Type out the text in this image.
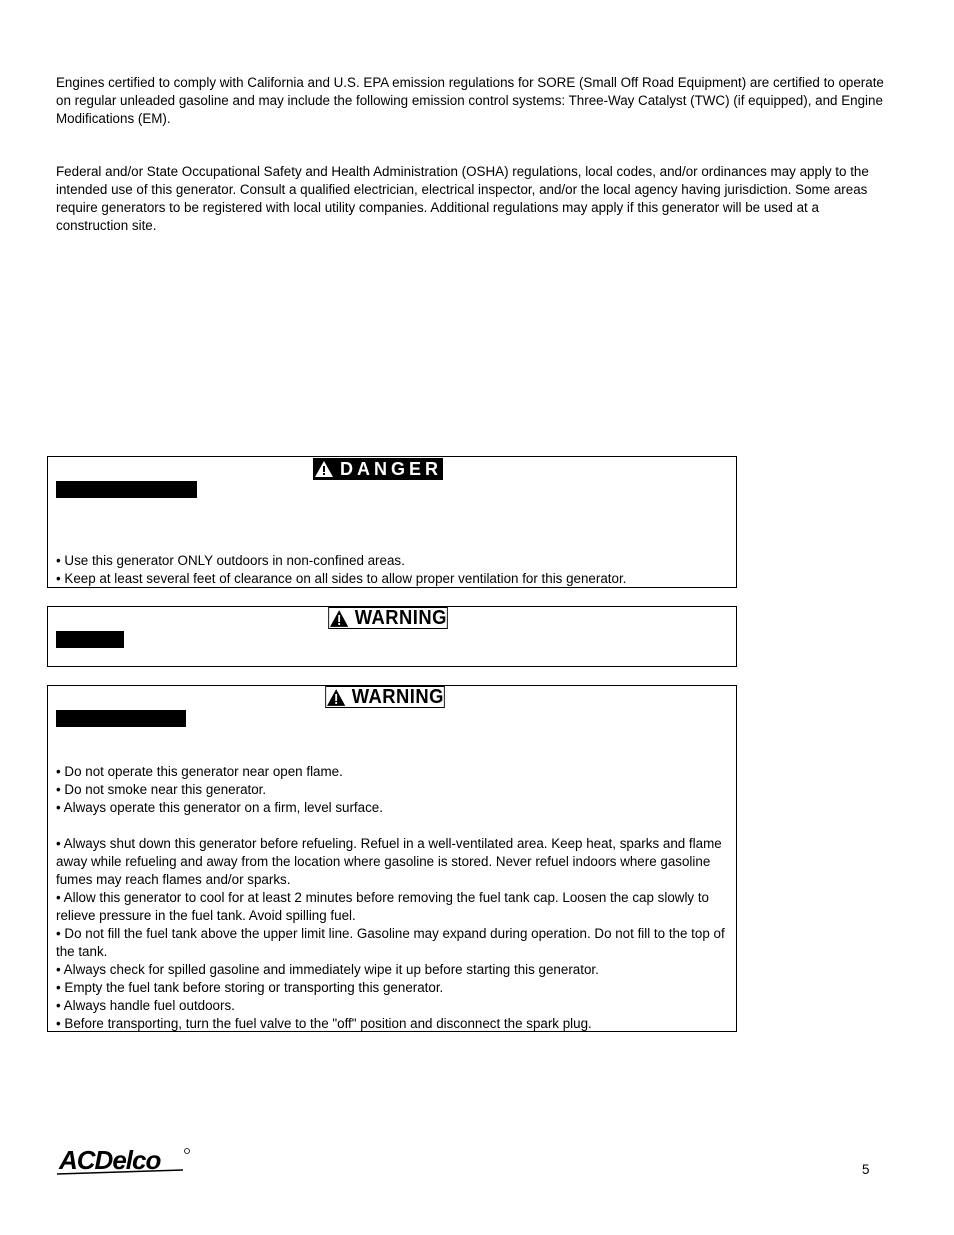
Engines certified to comply with California and U.S. EPA emission regulations for SORE (Small Off Road Equipment) are certified to operate on regular unleaded gasoline and may include the following emission control systems: Three-Way Catalyst (TWC) (if equipped), and Engine Modifications (EM).

Federal and/or State Occupational Safety and Health Administration (OSHA) regulations, local codes, and/or ordinances may apply to the intended use of this generator. Consult a qualified electrician, electrical inspector, and/or the local agency having jurisdiction. Some areas require generators to be registered with local utility companies. Additional regulations may apply if this generator will be used at a construction site.

DANGER
• Use this generator ONLY outdoors in non-confined areas.
• Keep at least several feet of clearance on all sides to allow proper ventilation for this generator.
WARNING
WARNING
• Do not operate this generator near open flame.
• Do not smoke near this generator.
• Always operate this generator on a firm, level surface.
• Always shut down this generator before refueling. Refuel in a well-ventilated area. Keep heat, sparks and flame away while refueling and away from the location where gasoline is stored. Never refuel indoors where gasoline fumes may reach flames and/or sparks.
• Allow this generator to cool for at least 2 minutes before removing the fuel tank cap. Loosen the cap slowly to relieve pressure in the fuel tank. Avoid spilling fuel.
• Do not fill the fuel tank above the upper limit line. Gasoline may expand during operation. Do not fill to the top of the tank.
• Always check for spilled gasoline and immediately wipe it up before starting this generator.
• Empty the fuel tank before storing or transporting this generator.
• Always handle fuel outdoors.
• Before transporting, turn the fuel valve to the "off" position and disconnect the spark plug.
ACDelco	5
